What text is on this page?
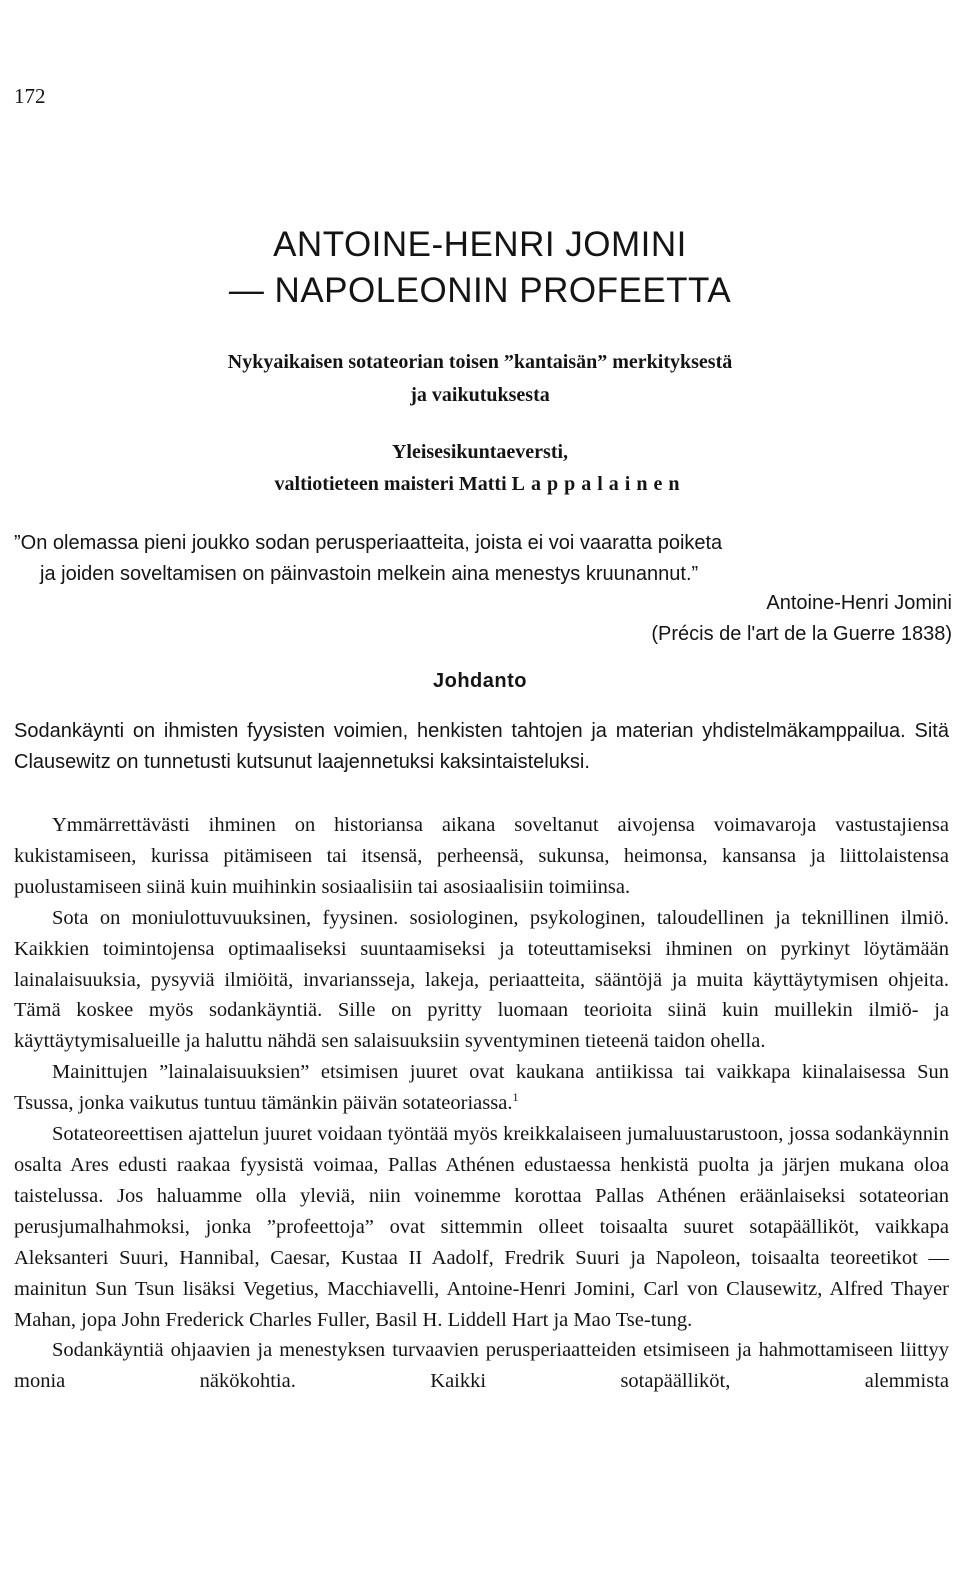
172
ANTOINE-HENRI JOMINI
— NAPOLEONIN PROFEETTA
Nykyaikaisen sotateorian toisen ”kantaisän” merkityksestä
ja vaikutuksesta
Yleisesikuntaeversti,
valtiotieteen maisteri Matti Lappalainen

”On olemassa pieni joukko sodan perusperiaatteita, joista ei voi vaaratta poiketa

ja joiden soveltamisen on päinvastoin melkein aina menestys kruunannut.”

Antoine-Henri Jomini
(Précis de l'art de la Guerre 1838)
Johdanto

Sodankäynti on ihmisten fyysisten voimien, henkisten tahtojen ja materian yhdistelmäkamppailua. Sitä Clausewitz on tunnetusti kutsunut laajennetuksi kaksintaisteluksi.

Ymmärrettävästi ihminen on historiansa aikana soveltanut aivojensa voimavaroja vastustajiensa kukistamiseen, kurissa pitämiseen tai itsensä, perheensä, sukunsa, heimonsa, kansansa ja liittolaistensa puolustamiseen siinä kuin muihinkin sosiaalisiin tai asosiaalisiin toimiinsa.

Sota on moniulottuvuuksinen, fyysinen. sosiologinen, psykologinen, taloudellinen ja teknillinen ilmiö. Kaikkien toimintojensa optimaaliseksi suuntaamiseksi ja toteuttamiseksi ihminen on pyrkinyt löytämään lainalaisuuksia, pysyviä ilmiöitä, invariansseja, lakeja, periaatteita, sääntöjä ja muita käyttäytymisen ohjeita. Tämä koskee myös sodankäyntiä. Sille on pyritty luomaan teorioita siinä kuin muillekin ilmiö- ja käyttäytymisalueille ja haluttu nähdä sen salaisuuksiin syventyminen tieteenä taidon ohella.

Mainittujen ”lainalaisuuksien” etsimisen juuret ovat kaukana antiikissa tai vaikkapa kiinalaisessa Sun Tsussa, jonka vaikutus tuntuu tämänkin päivän sotateoriassa.$^1$

Sotateoreettisen ajattelun juuret voidaan työntää myös kreikkalaiseen jumaluustarustoon, jossa sodankäynnin osalta Ares edusti raakaa fyysistä voimaa, Pallas Athénen edustaessa henkistä puolta ja järjen mukana oloa taistelussa. Jos haluamme olla yleviä, niin voinemme korottaa Pallas Athénen eräänlaiseksi sotateorian perusjumalhahmoksi, jonka ”profeettoja” ovat sittemmin olleet toisaalta suuret sotapäälliköt, vaikkapa Aleksanteri Suuri, Hannibal, Caesar, Kustaa II Aadolf, Fredrik Suuri ja Napoleon, toisaalta teoreetikot — mainitun Sun Tsun lisäksi Vegetius, Macchiavelli, Antoine-Henri Jomini, Carl von Clausewitz, Alfred Thayer Mahan, jopa John Frederick Charles Fuller, Basil H. Liddell Hart ja Mao Tse-tung.

Sodankäyntiä ohjaavien ja menestyksen turvaavien perusperiaatteiden etsimiseen ja hahmottamiseen liittyy monia näkökohtia. Kaikki sotapäälliköt, alemmista
